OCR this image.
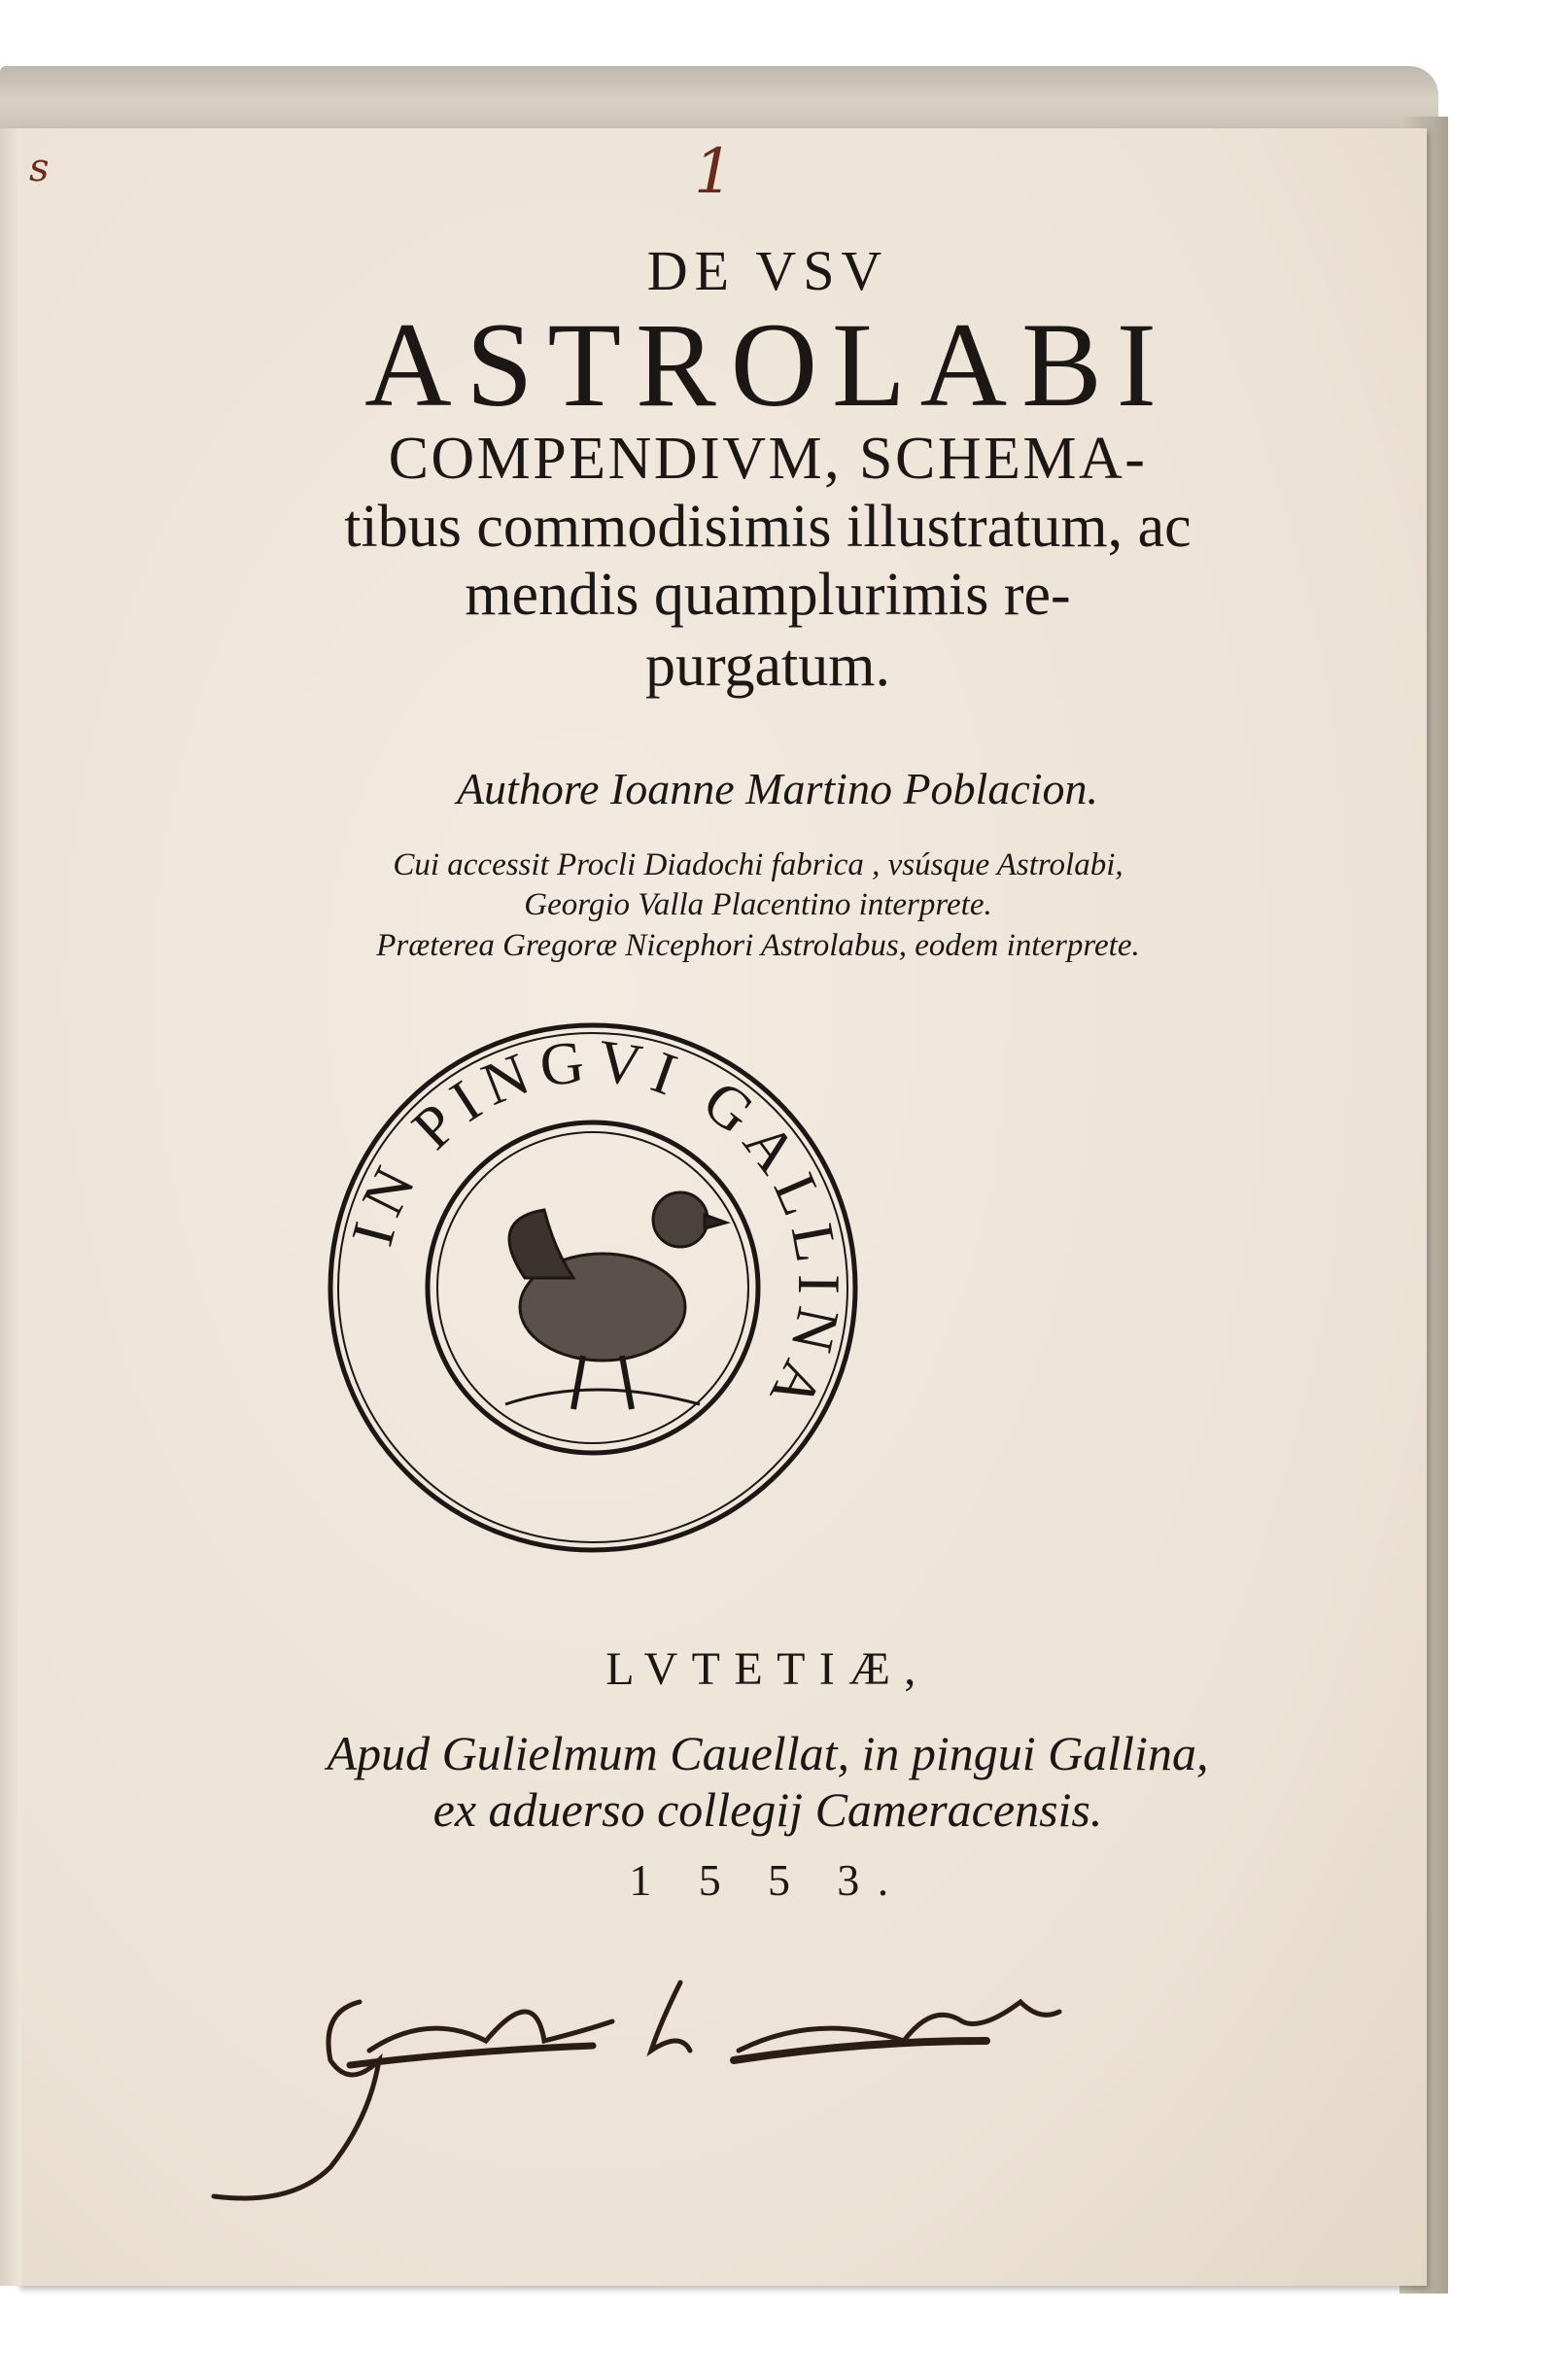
s	1
DE VSV
ASTROLABI
COMPENDIVM, SCHEMA-
tibus commodisimis illustratum, ac
mendis quamplurimis re-
purgatum.
Authore Ioanne Martino Poblacion.
Cui accessit Procli Diadochi fabrica , vsúsque Astrolabi,
Georgio Valla Placentino interprete.
Præterea Gregoræ Nicephori Astrolabus, eodem interprete.
IN PINGVI GALLINA
LVTETIÆ,
Apud Gulielmum Cauellat, in pingui Gallina,
ex aduerso collegij Cameracensis.
1 5 5 3.
